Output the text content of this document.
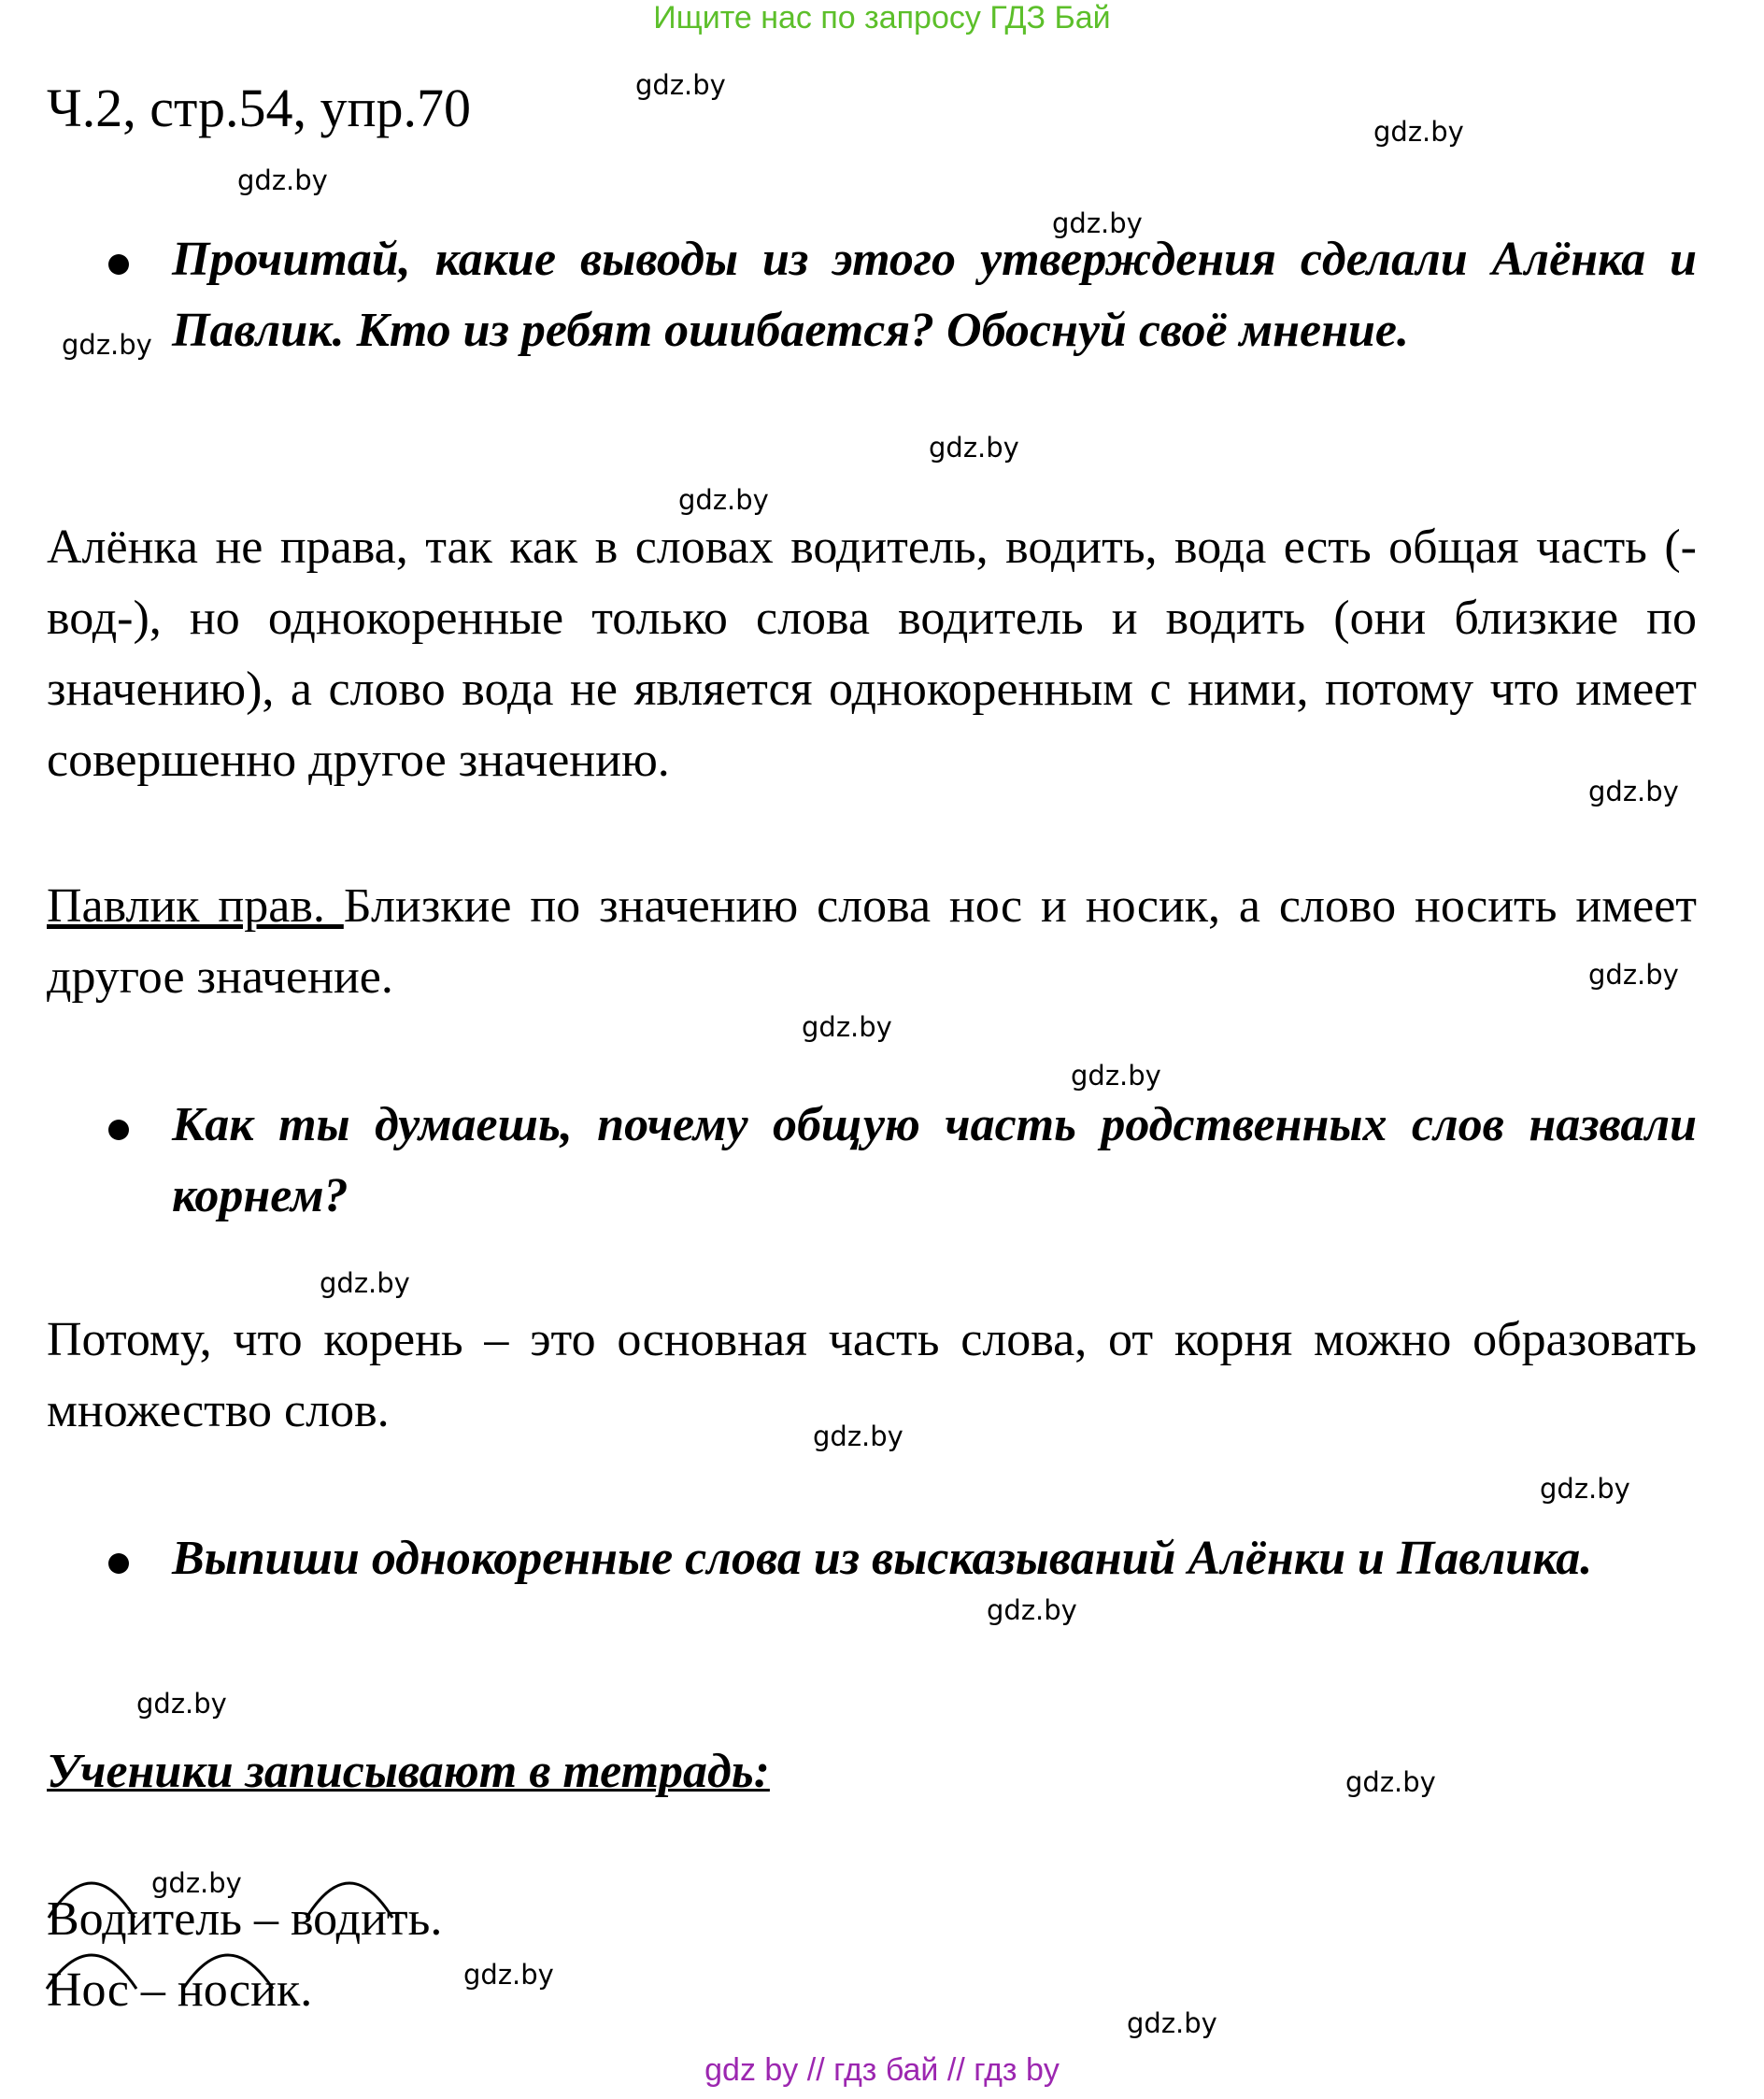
Ищите нас по запросу ГДЗ Бай
Ч.2, стр.54, упр.70
Прочитай, какие выводы из этого утверждения сделали Алёнка и Павлик. Кто из ребят ошибается? Обоснуй своё мнение.
Алёнка не права, так как в словах водитель, водить, вода есть общая часть (-вод-), но однокоренные только слова водитель и водить (они близкие по значению), а слово вода не является однокоренным с ними, потому что имеет совершенно другое значению.
Павлик прав. Близкие по значению слова нос и носик, а слово носить имеет другое значение.
Как ты думаешь, почему общую часть родственных слов назвали корнем?
Потому, что корень – это основная часть слова, от корня можно образовать множество слов.
Выпиши однокоренные слова из высказываний Алёнки и Павлика.
Ученики записывают в тетрадь:
Водитель – водить.
Нос – носик.
gdz.by
gdz.by
gdz.by
gdz.by
gdz.by
gdz.by
gdz.by
gdz.by
gdz.by
gdz.by
gdz.by
gdz.by
gdz.by
gdz.by
gdz.by
gdz.by
gdz.by
gdz.by
gdz.by
gdz.by
gdz by // гдз бай // гдз by
